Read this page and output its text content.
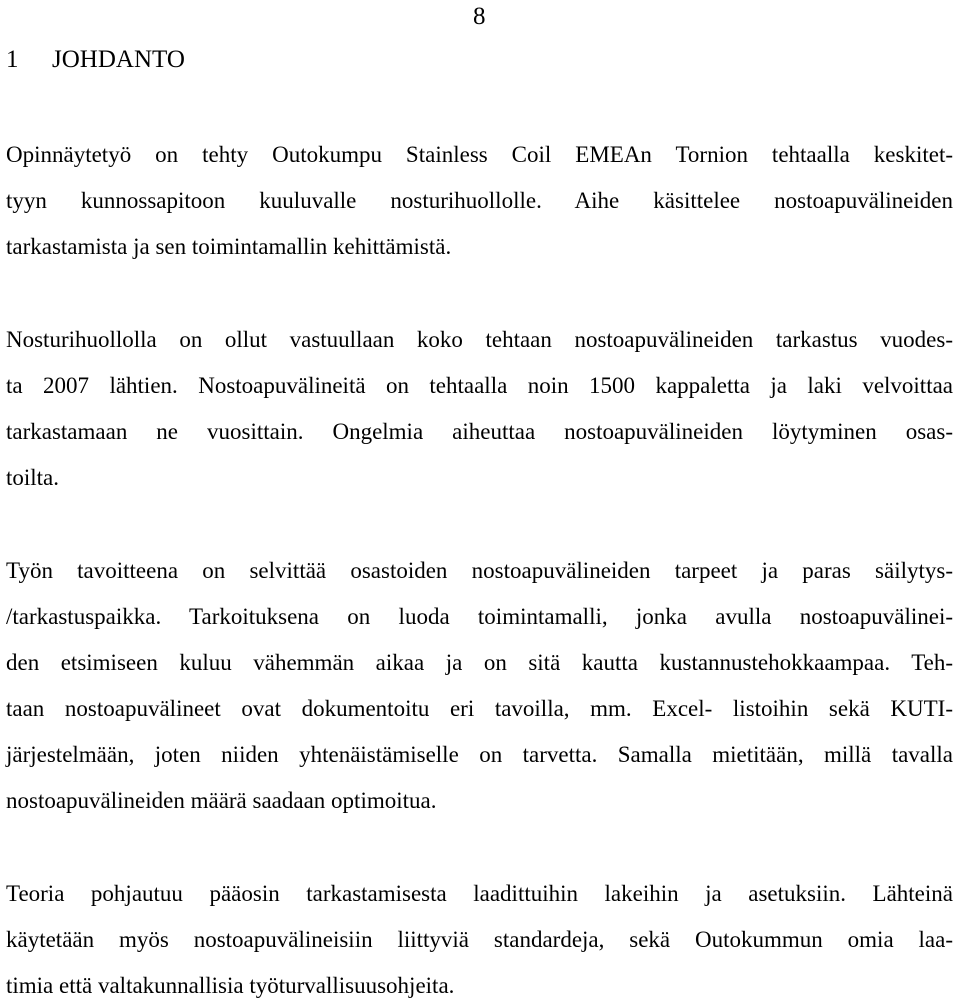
8
1 JOHDANTO
Opinnäytetyö on tehty Outokumpu Stainless Coil EMEAn Tornion tehtaalla keskitet-
tyyn kunnossapitoon kuuluvalle nosturihuollolle. Aihe käsittelee nostoapuvälineiden
tarkastamista ja sen toimintamallin kehittämistä.
Nosturihuollolla on ollut vastuullaan koko tehtaan nostoapuvälineiden tarkastus vuodes-
ta 2007 lähtien. Nostoapuvälineitä on tehtaalla noin 1500 kappaletta ja laki velvoittaa
tarkastamaan ne vuosittain. Ongelmia aiheuttaa nostoapuvälineiden löytyminen osas-
toilta.
Työn tavoitteena on selvittää osastoiden nostoapuvälineiden tarpeet ja paras säilytys-
/tarkastuspaikka. Tarkoituksena on luoda toimintamalli, jonka avulla nostoapuvälinei-
den etsimiseen kuluu vähemmän aikaa ja on sitä kautta kustannustehokkaampaa. Teh-
taan nostoapuvälineet ovat dokumentoitu eri tavoilla, mm. Excel- listoihin sekä KUTI-
järjestelmään, joten niiden yhtenäistämiselle on tarvetta. Samalla mietitään, millä tavalla
nostoapuvälineiden määrä saadaan optimoitua.
Teoria pohjautuu pääosin tarkastamisesta laadittuihin lakeihin ja asetuksiin. Lähteinä
käytetään myös nostoapuvälineisiin liittyviä standardeja, sekä Outokummun omia laa-
timia että valtakunnallisia työturvallisuusohjeita.
